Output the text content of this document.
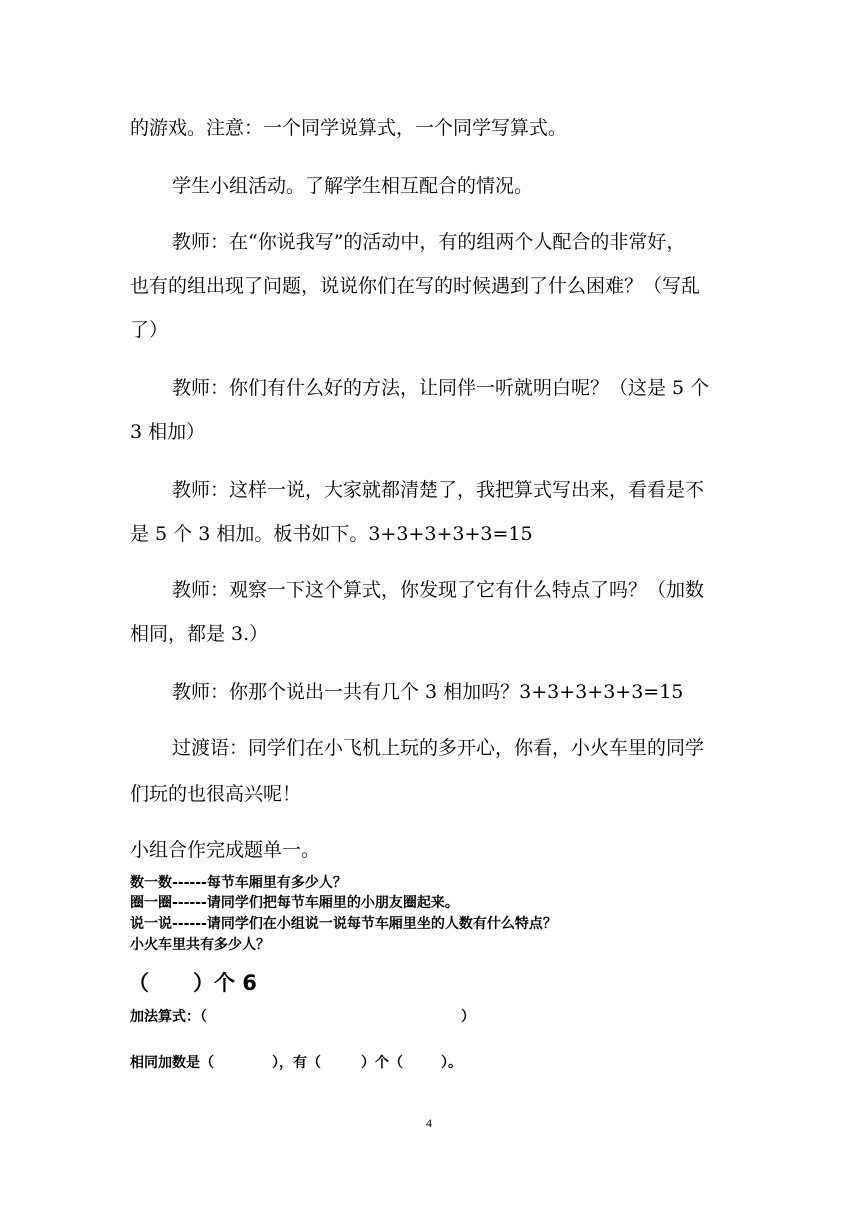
的游戏。注意：一个同学说算式，一个同学写算式。
学生小组活动。了解学生相互配合的情况。
教师：在“你说我写”的活动中，有的组两个人配合的非常好，
也有的组出现了问题，说说你们在写的时候遇到了什么困难？（写乱
了）
教师：你们有什么好的方法，让同伴一听就明白呢？（这是 5 个
3 相加）
教师：这样一说，大家就都清楚了，我把算式写出来，看看是不
是 5 个 3 相加。板书如下。3+3+3+3+3=15
教师：观察一下这个算式，你发现了它有什么特点了吗？（加数
相同，都是 3.）
教师：你那个说出一共有几个 3 相加吗？3+3+3+3+3=15
过渡语：同学们在小飞机上玩的多开心，你看，小火车里的同学
们玩的也很高兴呢！
小组合作完成题单一。
数一数------每节车厢里有多少人？
圈一圈------请同学们把每节车厢里的小朋友圈起来。
说一说------请同学们在小组说一说每节车厢里坐的人数有什么特点？
小火车里共有多少人？
（ ）个 6
加法算式：（	）
相同加数是（	），有（	）个（	）。
4
